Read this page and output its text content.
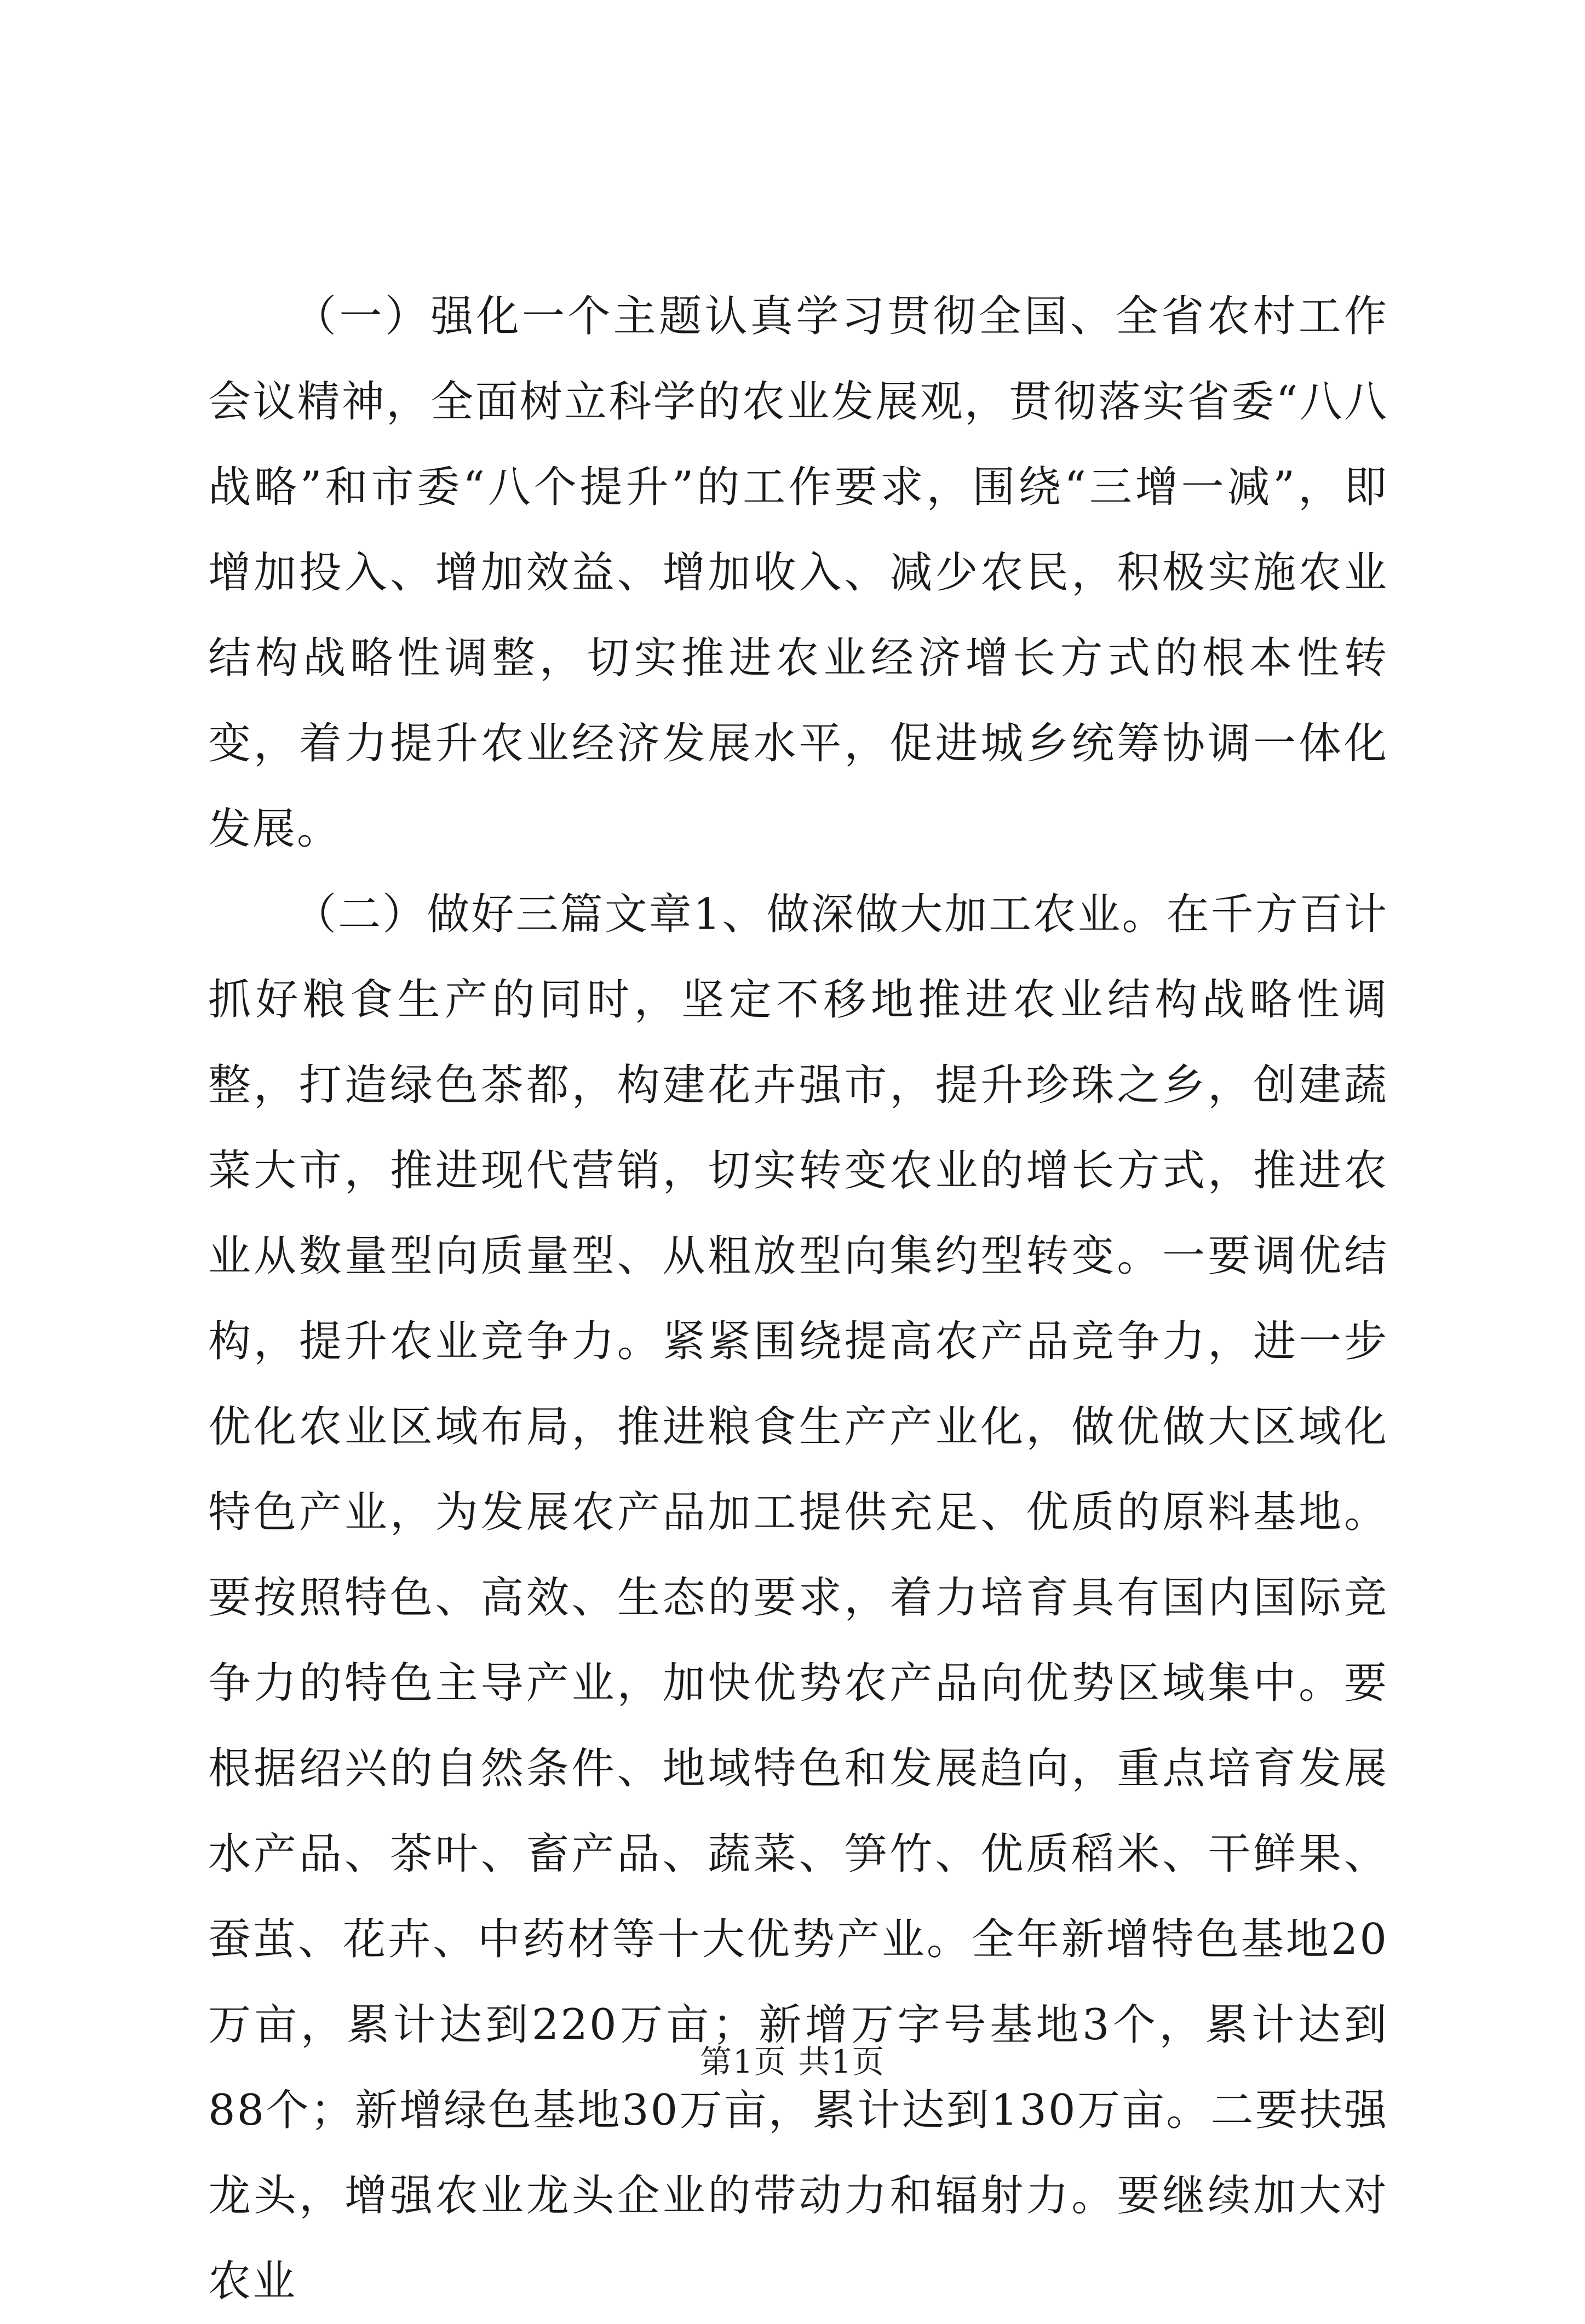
（一）强化一个主题认真学习贯彻全国、全省农村工作会议精神，全面树立科学的农业发展观，贯彻落实省委“八八战略”和市委“八个提升”的工作要求，围绕“三增一减”，即增加投入、增加效益、增加收入、减少农民，积极实施农业结构战略性调整，切实推进农业经济增长方式的根本性转变，着力提升农业经济发展水平，促进城乡统筹协调一体化发展。

（二）做好三篇文章1、做深做大加工农业。在千方百计抓好粮食生产的同时，坚定不移地推进农业结构战略性调整，打造绿色茶都，构建花卉强市，提升珍珠之乡，创建蔬菜大市，推进现代营销，切实转变农业的增长方式，推进农业从数量型向质量型、从粗放型向集约型转变。一要调优结构，提升农业竞争力。紧紧围绕提高农产品竞争力，进一步优化农业区域布局，推进粮食生产产业化，做优做大区域化特色产业，为发展农产品加工提供充足、优质的原料基地。要按照特色、高效、生态的要求，着力培育具有国内国际竞争力的特色主导产业，加快优势农产品向优势区域集中。要根据绍兴的自然条件、地域特色和发展趋向，重点培育发展水产品、茶叶、畜产品、蔬菜、笋竹、优质稻米、干鲜果、蚕茧、花卉、中药材等十大优势产业。全年新增特色基地20万亩，累计达到220万亩；新增万字号基地3个，累计达到88个；新增绿色基地30万亩，累计达到130万亩。二要扶强龙头，增强农业龙头企业的带动力和辐射力。要继续加大对农业

第1页 共1页
